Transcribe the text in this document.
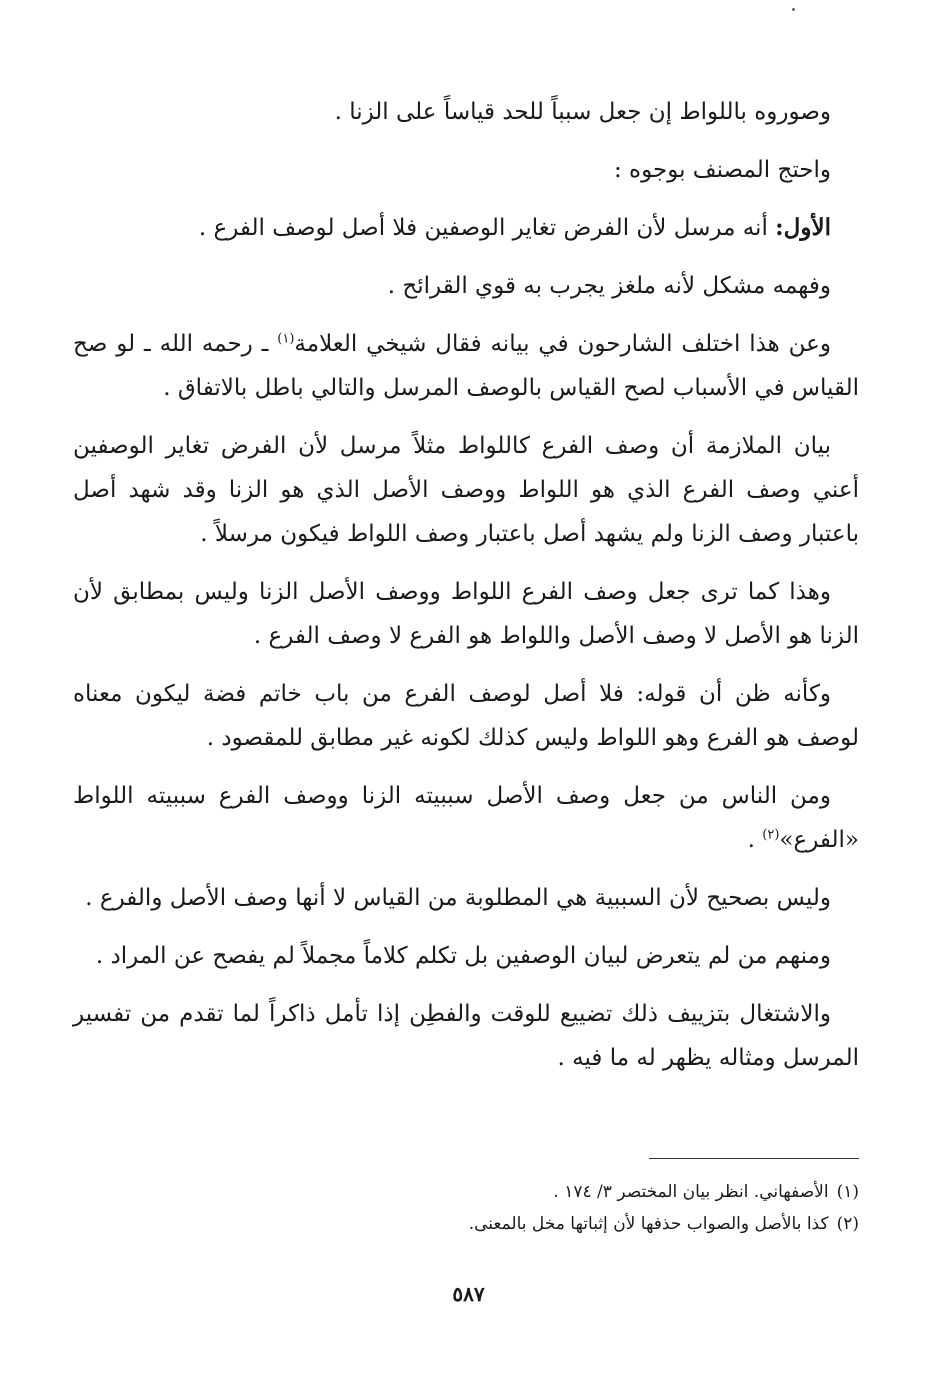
وصوروه باللواط إن جعل سبباً للحد قياساً على الزنا .

واحتج المصنف بوجوه :

الأول: أنه مرسل لأن الفرض تغاير الوصفين فلا أصل لوصف الفرع .

وفهمه مشكل لأنه ملغز يجرب به قوي القرائح .

وعن هذا اختلف الشارحون في بيانه فقال شيخي العلامة$^{(١)}$ ـ رحمه الله ـ لو صح القياس في الأسباب لصح القياس بالوصف المرسل والتالي باطل بالاتفاق .

بيان الملازمة أن وصف الفرع كاللواط مثلاً مرسل لأن الفرض تغاير الوصفين أعني وصف الفرع الذي هو اللواط ووصف الأصل الذي هو الزنا وقد شهد أصل باعتبار وصف الزنا ولم يشهد أصل باعتبار وصف اللواط فيكون مرسلاً .

وهذا كما ترى جعل وصف الفرع اللواط ووصف الأصل الزنا وليس بمطابق لأن الزنا هو الأصل لا وصف الأصل واللواط هو الفرع لا وصف الفرع .

وكأنه ظن أن قوله: فلا أصل لوصف الفرع من باب خاتم فضة ليكون معناه لوصف هو الفرع وهو اللواط وليس كذلك لكونه غير مطابق للمقصود .

ومن الناس من جعل وصف الأصل سببيته الزنا ووصف الفرع سببيته اللواط «الفرع»$^{(٢)}$ .

وليس بصحيح لأن السببية هي المطلوبة من القياس لا أنها وصف الأصل والفرع .

ومنهم من لم يتعرض لبيان الوصفين بل تكلم كلاماً مجملاً لم يفصح عن المراد .

والاشتغال بتزييف ذلك تضييع للوقت والفطِن إذا تأمل ذاكراً لما تقدم من تفسير المرسل ومثاله يظهر له ما فيه .

(١)الأصفهاني. انظر بيان المختصر ٣/ ١٧٤ .
(٢)كذا بالأصل والصواب حذفها لأن إثباتها مخل بالمعنى.
٥٨٧
